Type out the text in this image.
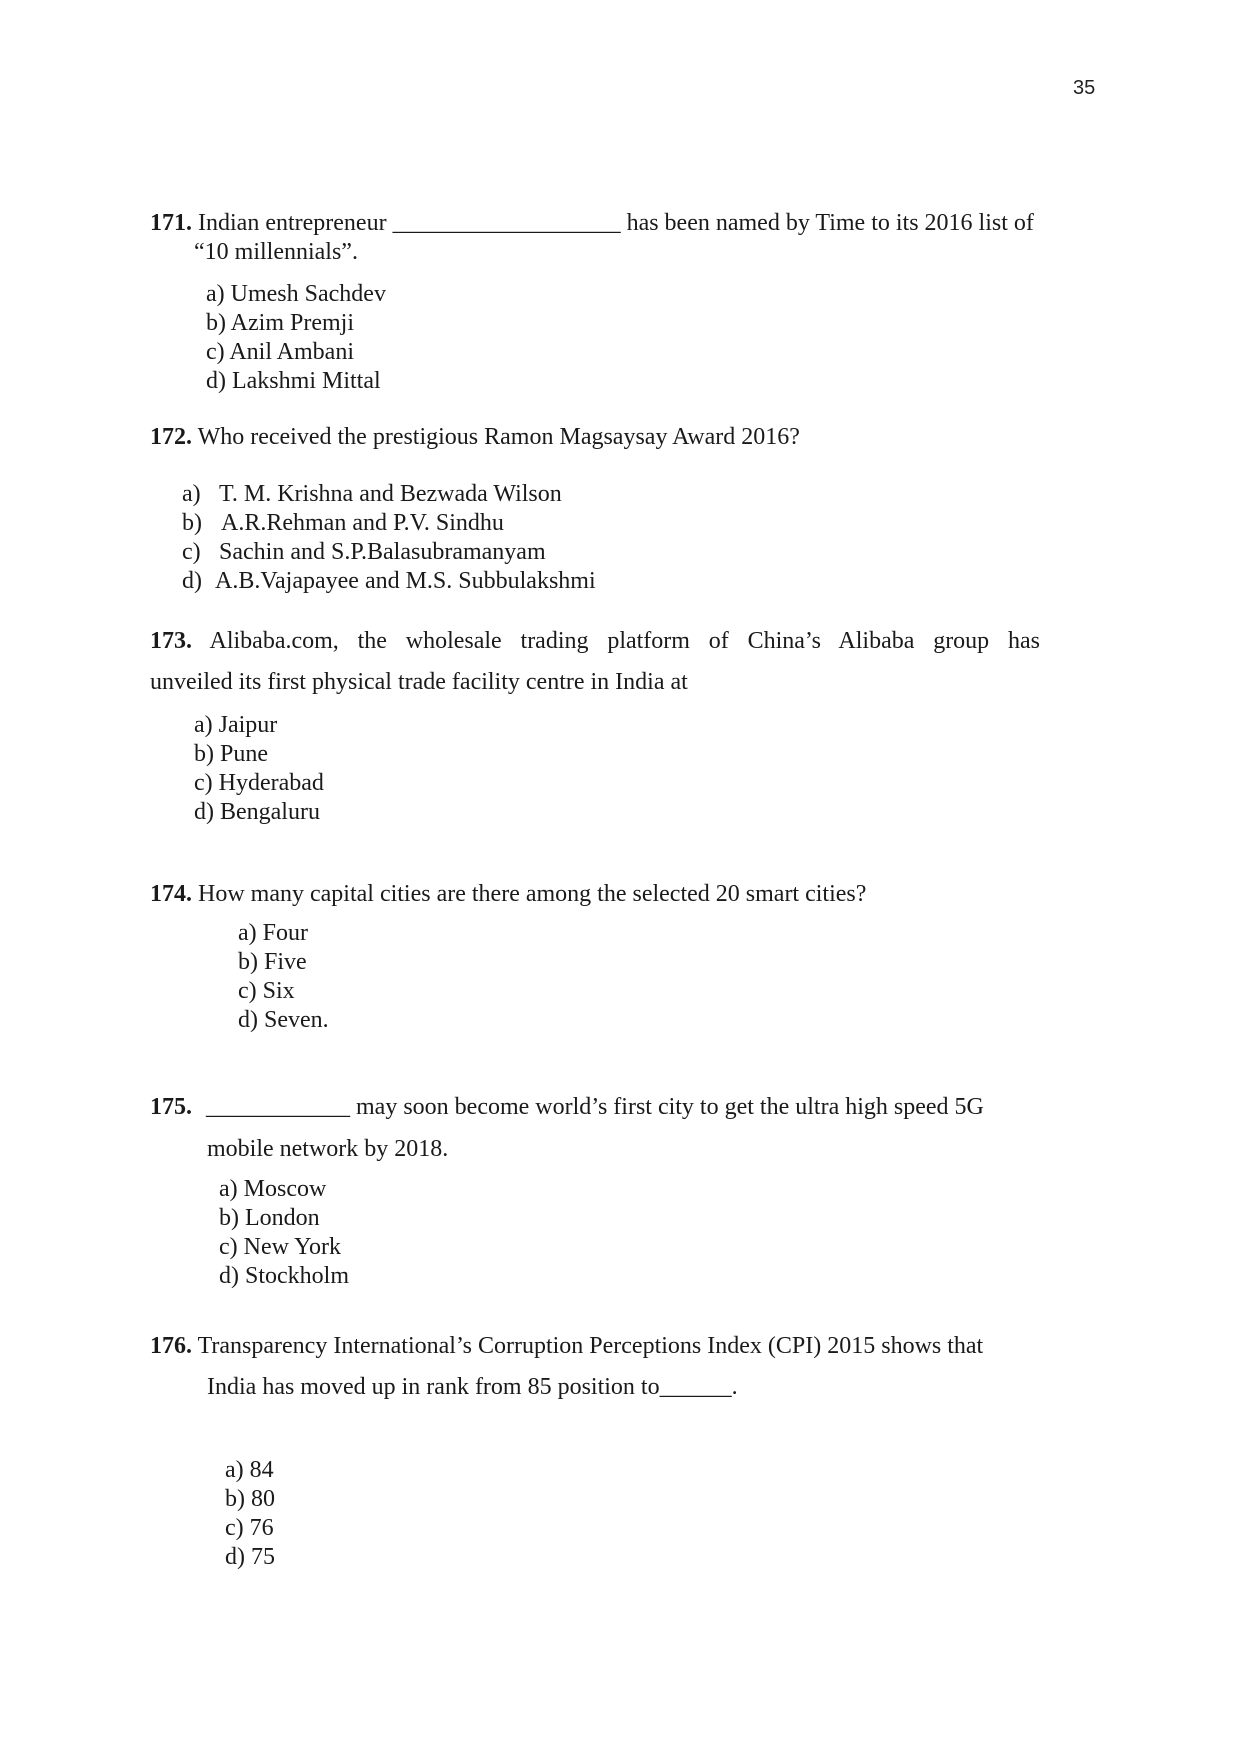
35
171. Indian entrepreneur ___________________ has been named by Time to its 2016 list of
“10 millennials”.
a) Umesh Sachdev
b) Azim Premji
c) Anil Ambani
d) Lakshmi Mittal
172. Who received the prestigious Ramon Magsaysay Award 2016?
a) T. M. Krishna and Bezwada Wilson
b) A.R.Rehman and P.V. Sindhu
c) Sachin and S.P.Balasubramanyam
d) A.B.Vajapayee and M.S. Subbulakshmi
173. Alibaba.com, the wholesale trading platform of China’s Alibaba group has
unveiled its first physical trade facility centre in India at
a) Jaipur
b) Pune
c) Hyderabad
d) Bengaluru
174. How many capital cities are there among the selected 20 smart cities?
a) Four
b) Five
c) Six
d) Seven.
175. ____________ may soon become world’s first city to get the ultra high speed 5G
mobile network by 2018.
a) Moscow
b) London
c) New York
d) Stockholm
176. Transparency International’s Corruption Perceptions Index (CPI) 2015 shows that
India has moved up in rank from 85 position to______.
a) 84
b) 80
c) 76
d) 75
